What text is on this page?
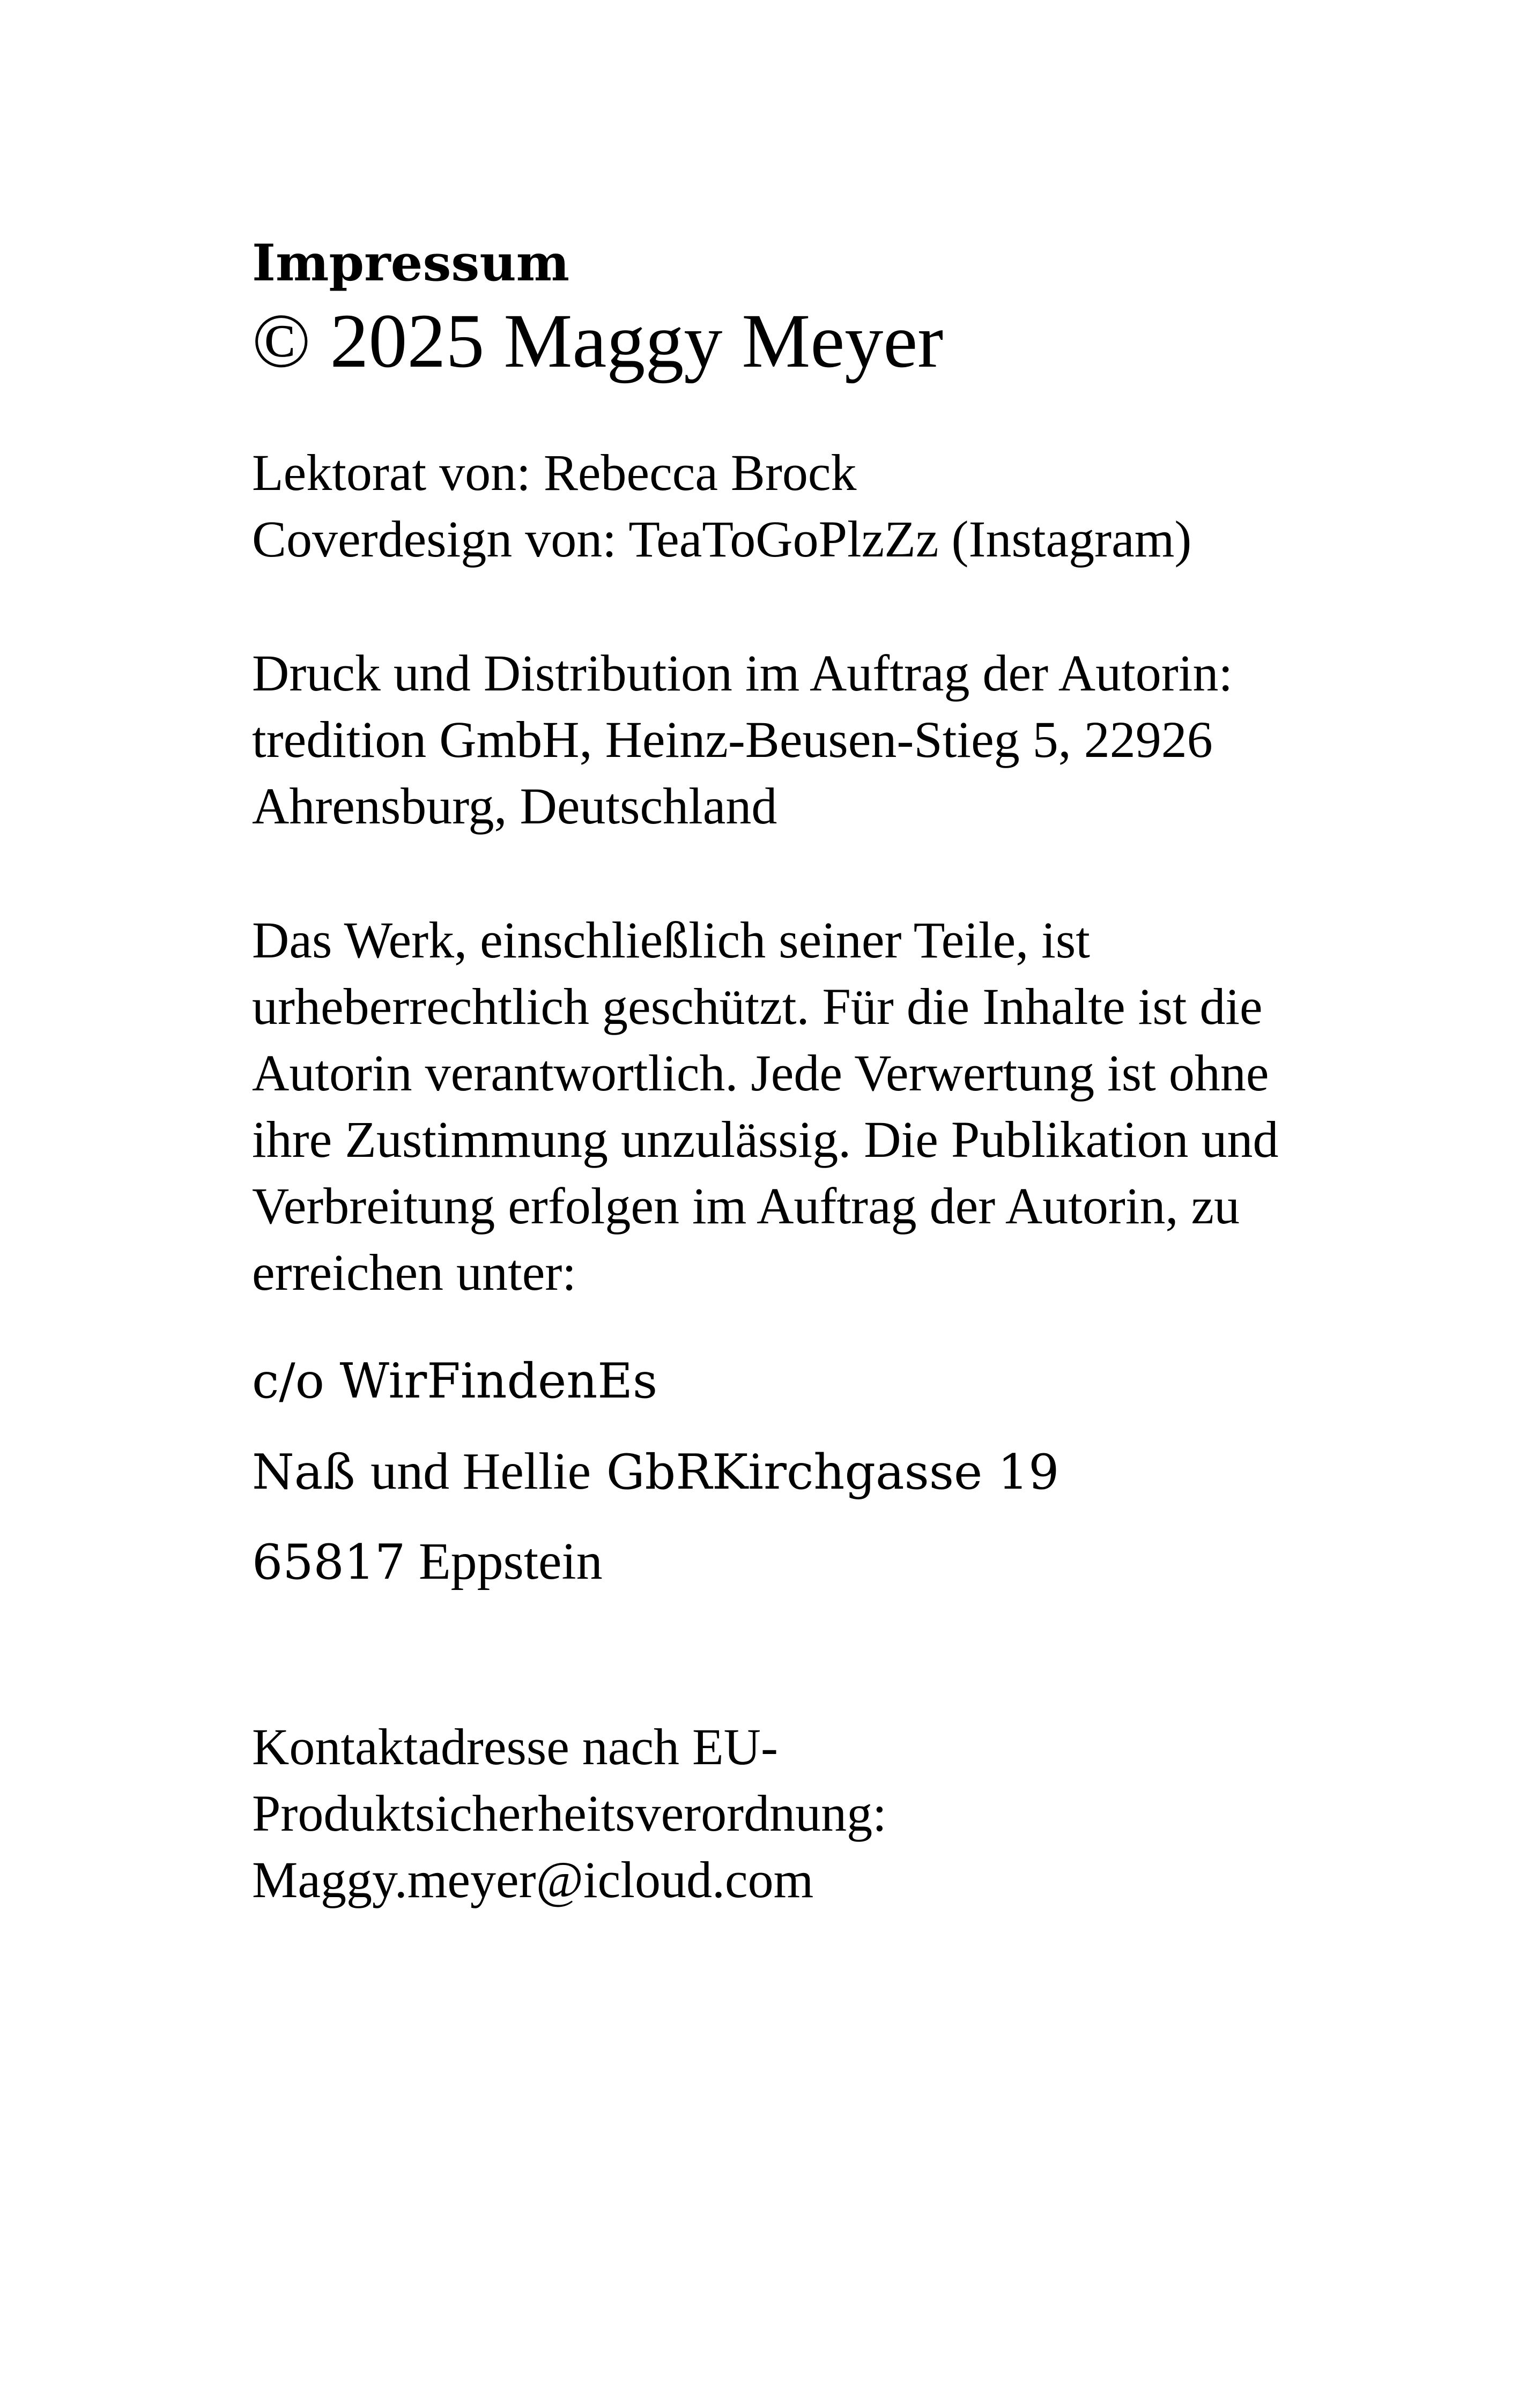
Impressum
© 2025 Maggy Meyer
Lektorat von: Rebecca Brock
Coverdesign von: TeaToGoPlzZz (Instagram)
Druck und Distribution im Auftrag der Autorin:
tredition GmbH, Heinz-Beusen-Stieg 5, 22926
Ahrensburg, Deutschland
Das Werk, einschließlich seiner Teile, ist
urheberrechtlich geschützt. Für die Inhalte ist die
Autorin verantwortlich. Jede Verwertung ist ohne
ihre Zustimmung unzulässig. Die Publikation und
Verbreitung erfolgen im Auftrag der Autorin, zu
erreichen unter:
c/o WirFindenEs
Naß und Hellie GbRKirchgasse 19
65817 Eppstein
Kontaktadresse nach EU-
Produktsicherheitsverordnung:
Maggy.meyer@icloud.com
